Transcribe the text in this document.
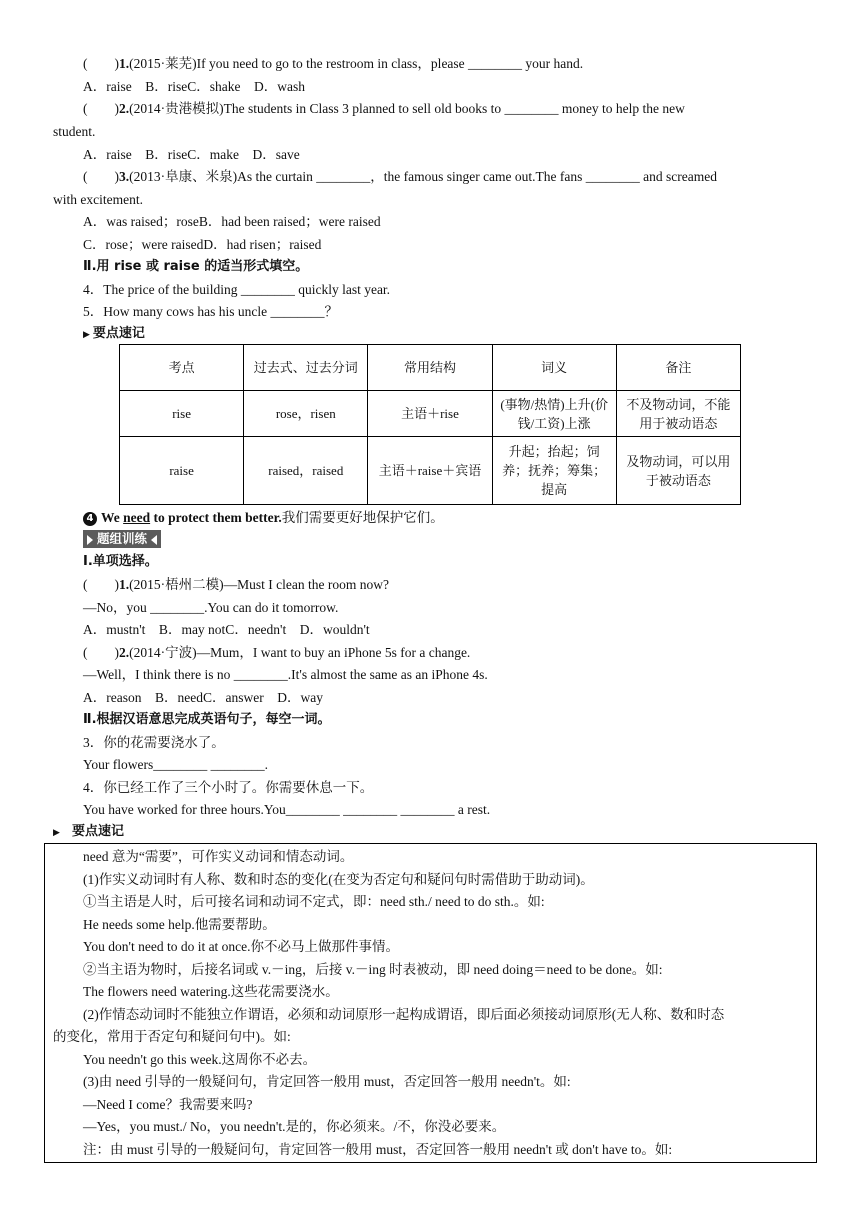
(　　)1.(2015·莱芜)If you need to go to the restroom in class，please ________ your hand.
A．raise　B．riseC．shake　D．wash
(　　)2.(2014·贵港模拟)The students in Class 3 planned to sell old books to ________ money to help the new
student.
A．raise　B．riseC．make　D．save
(　　)3.(2013·阜康、米泉)As the curtain ________，the famous singer came out.The fans ________ and screamed
with excitement.
A．was raised；roseB．had been raised；were raised
C．rose；were raisedD．had risen；raised
Ⅱ.用 rise 或 raise 的适当形式填空。
4．The price of the building ________ quickly last year.
5．How many cows has his uncle ________？
▶ 要点速记
考点	过去式、过去分词	常用结构	词义	备注
rise	rose，risen	主语＋rise	(事物/热情)上升(价钱/工资)上涨	不及物动词，不能用于被动语态
raise	raised，raised	主语＋raise＋宾语	升起；抬起；饲养；抚养；筹集；提高	及物动词，可以用于被动语态
4 We need to protect them better.我们需要更好地保护它们。
题组训练
Ⅰ.单项选择。
(　　)1.(2015·梧州二模)—Must I clean the room now?
—No，you ________.You can do it tomorrow.
A．mustn't　B．may notC．needn't　D．wouldn't
(　　)2.(2014·宁波)—Mum，I want to buy an iPhone 5s for a change.
—Well，I think there is no ________.It's almost the same as an iPhone 4s.
A．reason　B．needC．answer　D．way
Ⅱ.根据汉语意思完成英语句子，每空一词。
3．你的花需要浇水了。
Your flowers________ ________.
4．你已经工作了三个小时了。你需要休息一下。
You have worked for three hours.You________ ________ ________ a rest.
▶ 要点速记
need 意为“需要”，可作实义动词和情态动词。
(1)作实义动词时有人称、数和时态的变化(在变为否定句和疑问句时需借助于助动词)。
①当主语是人时，后可接名词和动词不定式，即：need sth./ need to do sth.。如:
He needs some help.他需要帮助。
You don't need to do it at once.你不必马上做那件事情。
②当主语为物时，后接名词或 v.－ing，后接 v.－ing 时表被动，即 need doing＝need to be done。如:
The flowers need watering.这些花需要浇水。
(2)作情态动词时不能独立作谓语，必须和动词原形一起构成谓语，即后面必须接动词原形(无人称、数和时态
的变化，常用于否定句和疑问句中)。如:
You needn't go this week.这周你不必去。
(3)由 need 引导的一般疑问句，肯定回答一般用 must，否定回答一般用 needn't。如:
—Need I come？我需要来吗?
—Yes，you must./ No，you needn't.是的，你必须来。/不，你没必要来。
注：由 must 引导的一般疑问句，肯定回答一般用 must，否定回答一般用 needn't 或 don't have to。如:
